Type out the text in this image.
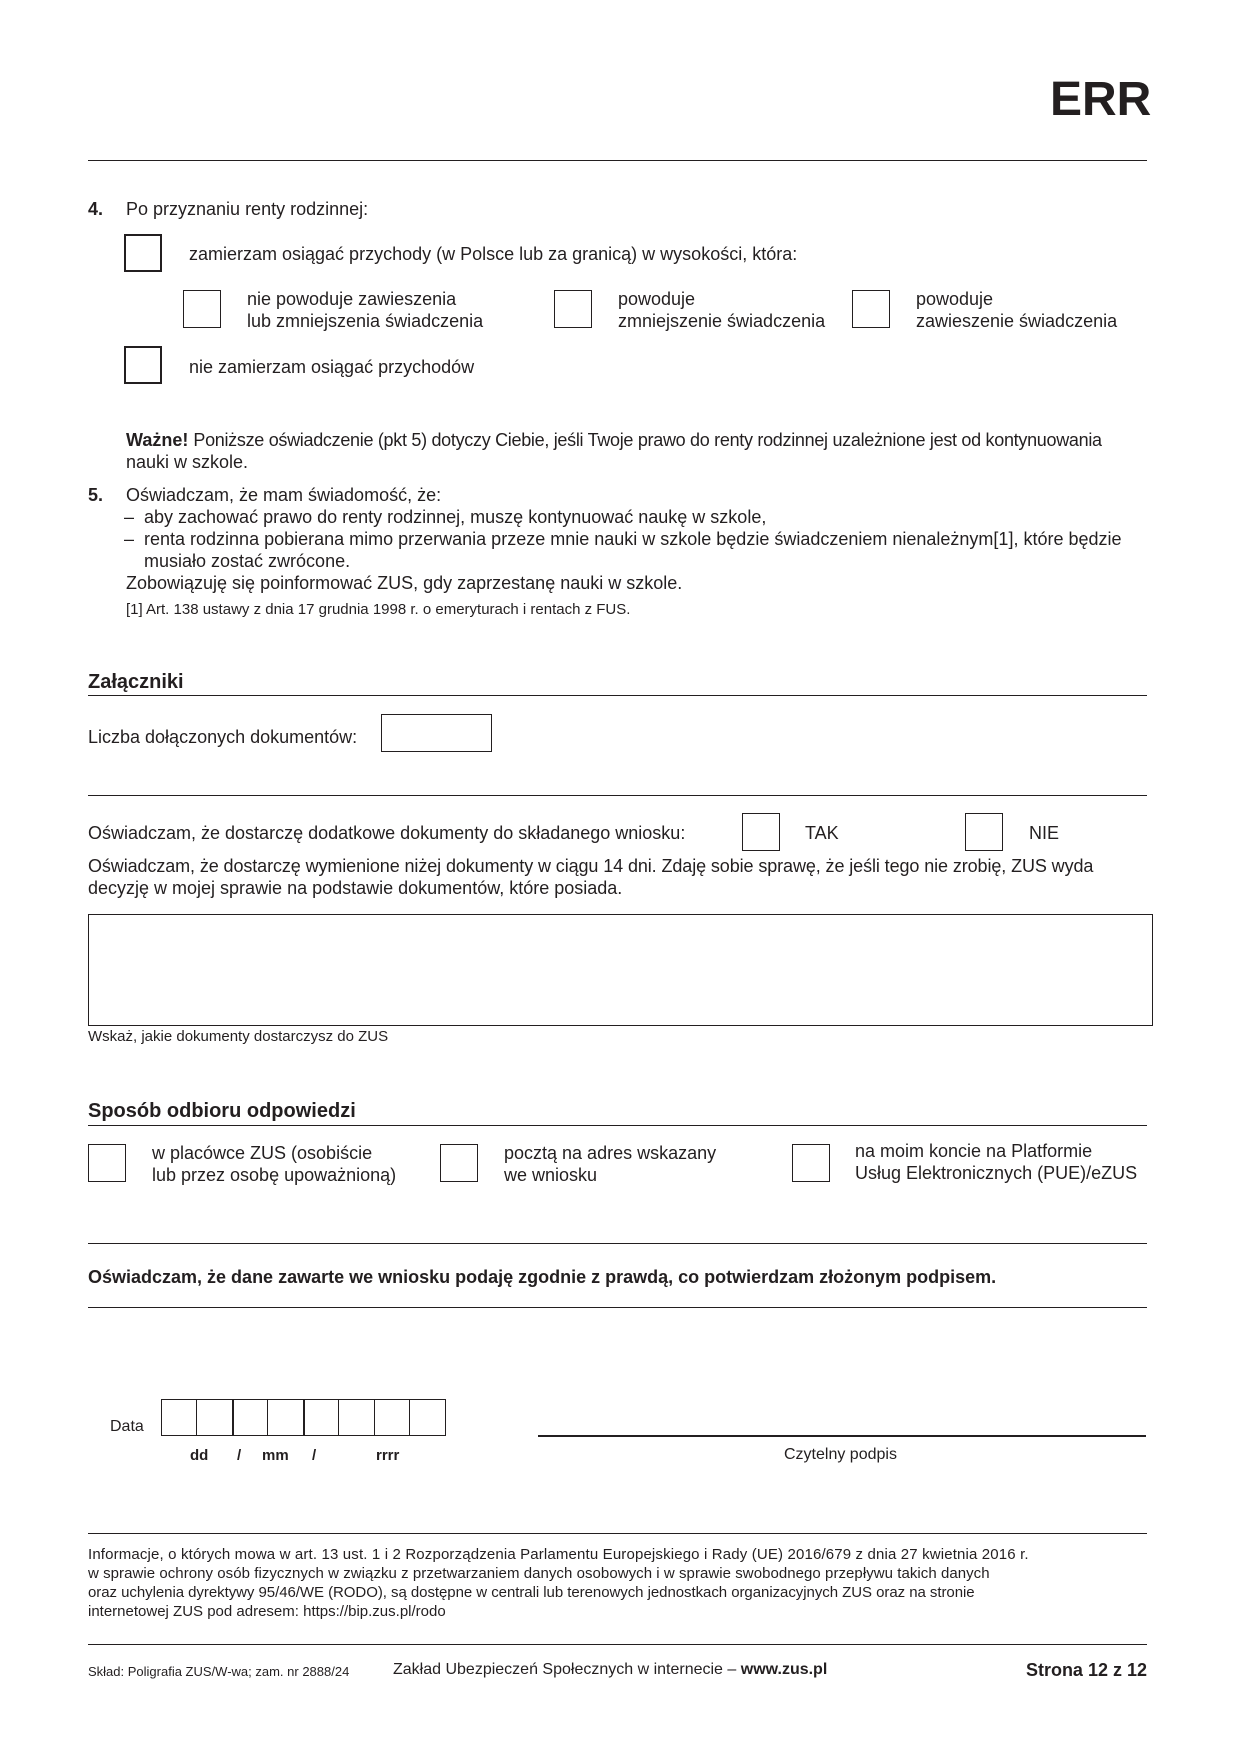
ERR
4. Po przyznaniu renty rodzinnej:
zamierzam osiągać przychody (w Polsce lub za granicą) w wysokości, która:
nie powoduje zawieszenia
lub zmniejszenia świadczenia
powoduje
zmniejszenie świadczenia
powoduje
zawieszenie świadczenia
nie zamierzam osiągać przychodów
Ważne! Poniższe oświadczenie (pkt 5) dotyczy Ciebie, jeśli Twoje prawo do renty rodzinnej uzależnione jest od kontynuowania
nauki w szkole.
5. Oświadczam, że mam świadomość, że:
– aby zachować prawo do renty rodzinnej, muszę kontynuować naukę w szkole,
– renta rodzinna pobierana mimo przerwania przeze mnie nauki w szkole będzie świadczeniem nienależnym[1], które będzie
musiało zostać zwrócone.
Zobowiązuję się poinformować ZUS, gdy zaprzestanę nauki w szkole.
[1] Art. 138 ustawy z dnia 17 grudnia 1998 r. o emeryturach i rentach z FUS.
Załączniki
Liczba dołączonych dokumentów:
Oświadczam, że dostarczę dodatkowe dokumenty do składanego wniosku:	TAK	NIE
Oświadczam, że dostarczę wymienione niżej dokumenty w ciągu 14 dni. Zdaję sobie sprawę, że jeśli tego nie zrobię, ZUS wyda
decyzję w mojej sprawie na podstawie dokumentów, które posiada.
Wskaż, jakie dokumenty dostarczysz do ZUS
Sposób odbioru odpowiedzi
w placówce ZUS (osobiście
lub przez osobę upoważnioną)
pocztą na adres wskazany
we wniosku
na moim koncie na Platformie
Usług Elektronicznych (PUE)/eZUS
Oświadczam, że dane zawarte we wniosku podaję zgodnie z prawdą, co potwierdzam złożonym podpisem.
Data
dd / mm /	rrrr	Czytelny podpis
Informacje, o których mowa w art. 13 ust. 1 i 2 Rozporządzenia Parlamentu Europejskiego i Rady (UE) 2016/679 z dnia 27 kwietnia 2016 r.
w sprawie ochrony osób fizycznych w związku z przetwarzaniem danych osobowych i w sprawie swobodnego przepływu takich danych
oraz uchylenia dyrektywy 95/46/WE (RODO), są dostępne w centrali lub terenowych jednostkach organizacyjnych ZUS oraz na stronie
internetowej ZUS pod adresem: https://bip.zus.pl/rodo
Skład: Poligrafia ZUS/W-wa; zam. nr 2888/24	Zakład Ubezpieczeń Społecznych w internecie – www.zus.pl	Strona 12 z 12
